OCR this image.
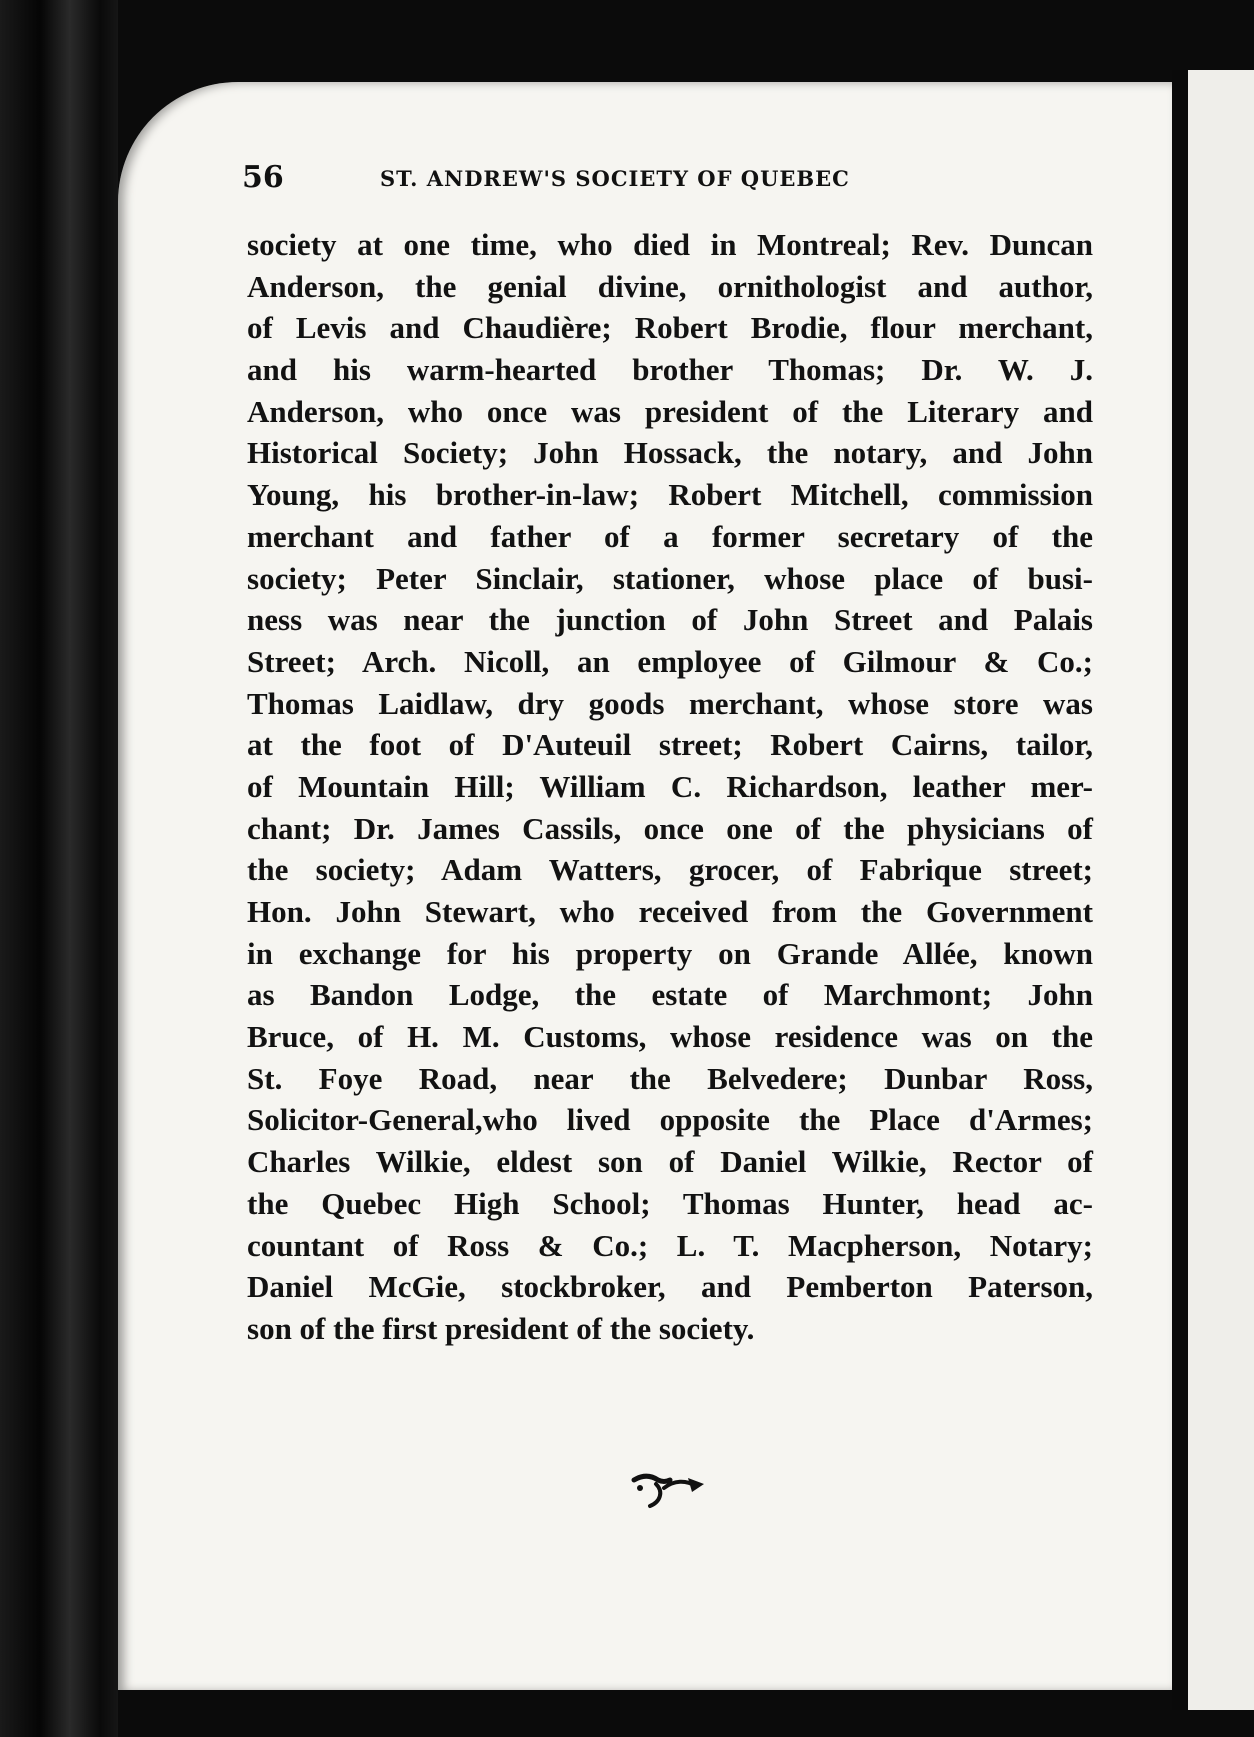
56	ST. ANDREW'S SOCIETY OF QUEBEC
society at one time, who died in Montreal; Rev. Duncan
Anderson, the genial divine, ornithologist and author,
of Levis and Chaudière; Robert Brodie, flour merchant,
and his warm-hearted brother Thomas; Dr. W. J.
Anderson, who once was president of the Literary and
Historical Society; John Hossack, the notary, and John
Young, his brother-in-law; Robert Mitchell, commission
merchant and father of a former secretary of the
society; Peter Sinclair, stationer, whose place of busi-
ness was near the junction of John Street and Palais
Street; Arch. Nicoll, an employee of Gilmour & Co.;
Thomas Laidlaw, dry goods merchant, whose store was
at the foot of D'Auteuil street; Robert Cairns, tailor,
of Mountain Hill; William C. Richardson, leather mer-
chant; Dr. James Cassils, once one of the physicians of
the society; Adam Watters, grocer, of Fabrique street;
Hon. John Stewart, who received from the Government
in exchange for his property on Grande Allée, known
as Bandon Lodge, the estate of Marchmont; John
Bruce, of H. M. Customs, whose residence was on the
St. Foye Road, near the Belvedere; Dunbar Ross,
Solicitor-General,who lived opposite the Place d'Armes;
Charles Wilkie, eldest son of Daniel Wilkie, Rector of
the Quebec High School; Thomas Hunter, head ac-
countant of Ross & Co.; L. T. Macpherson, Notary;
Daniel McGie, stockbroker, and Pemberton Paterson,
son of the first president of the society.
